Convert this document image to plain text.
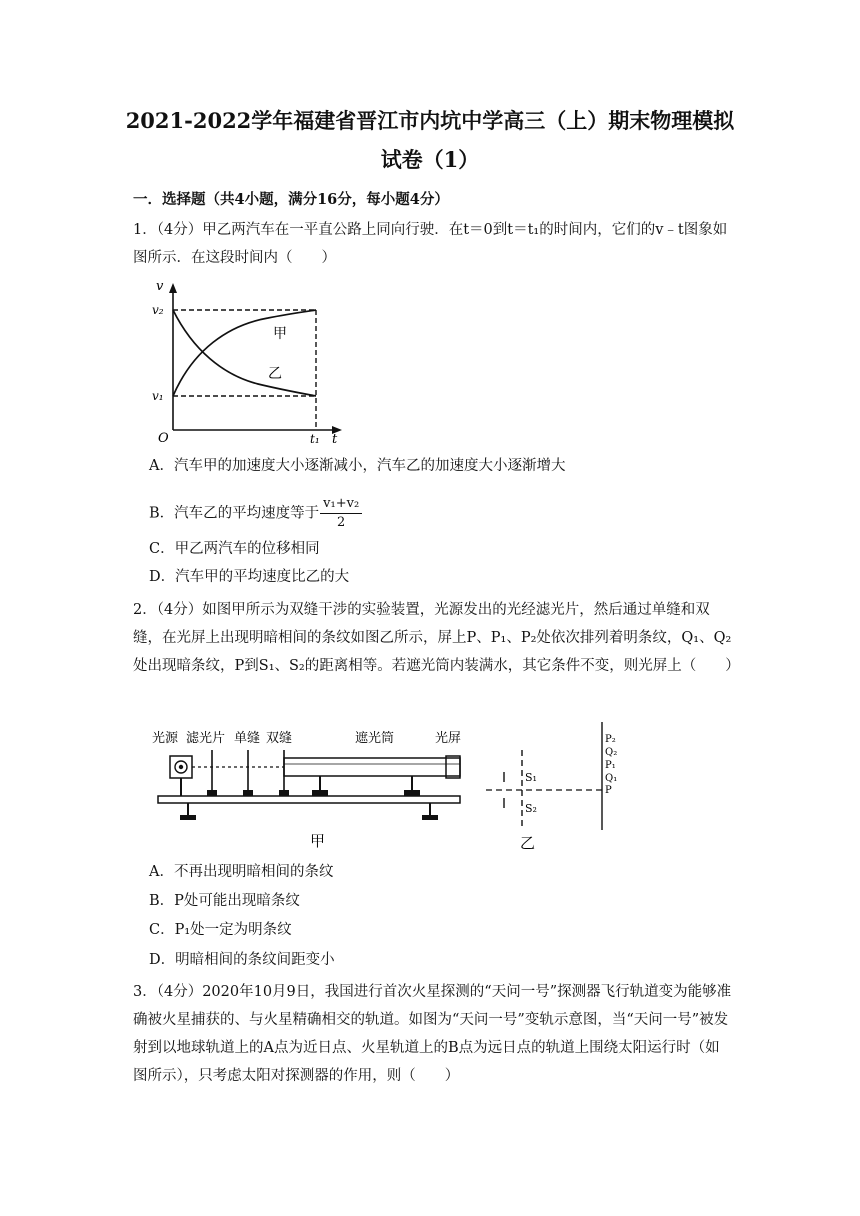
2021-2022学年福建省晋江市内坑中学高三（上）期末物理模拟
试卷（1）
一．选择题（共4小题，满分16分，每小题4分）
1．（4分）甲乙两汽车在一平直公路上同向行驶．在t＝0到t＝t₁的时间内，它们的v﹣t图象如图所示．在这段时间内（　　）
v
t
O
v₂
v₁
t₁
甲
乙
A．汽车甲的加速度大小逐渐减小，汽车乙的加速度大小逐渐增大
B．汽车乙的平均速度等于 $\frac{\text{v₁+v₂}}{2}$
C．甲乙两汽车的位移相同
D．汽车甲的平均速度比乙的大
2．（4分）如图甲所示为双缝干涉的实验装置，光源发出的光经滤光片，然后通过单缝和双缝，在光屏上出现明暗相间的条纹如图乙所示，屏上P、P₁、P₂处依次排列着明条纹，Q₁、Q₂处出现暗条纹，P到S₁、S₂的距离相等。若遮光筒内装满水，其它条件不变，则光屏上（　　）
光源 滤光片 单缝 双缝	遮光筒	光屏
甲
S₁
S₂
P₂
Q₂
P₁
Q₁
P
乙
A．不再出现明暗相间的条纹
B．P处可能出现暗条纹
C．P₁处一定为明条纹
D．明暗相间的条纹间距变小
3．（4分）2020年10月9日，我国进行首次火星探测的“天问一号”探测器飞行轨道变为能够准确被火星捕获的、与火星精确相交的轨道。如图为“天问一号”变轨示意图，当“天问一号”被发射到以地球轨道上的A点为近日点、火星轨道上的B点为远日点的轨道上围绕太阳运行时（如图所示），只考虑太阳对探测器的作用，则（　　）
